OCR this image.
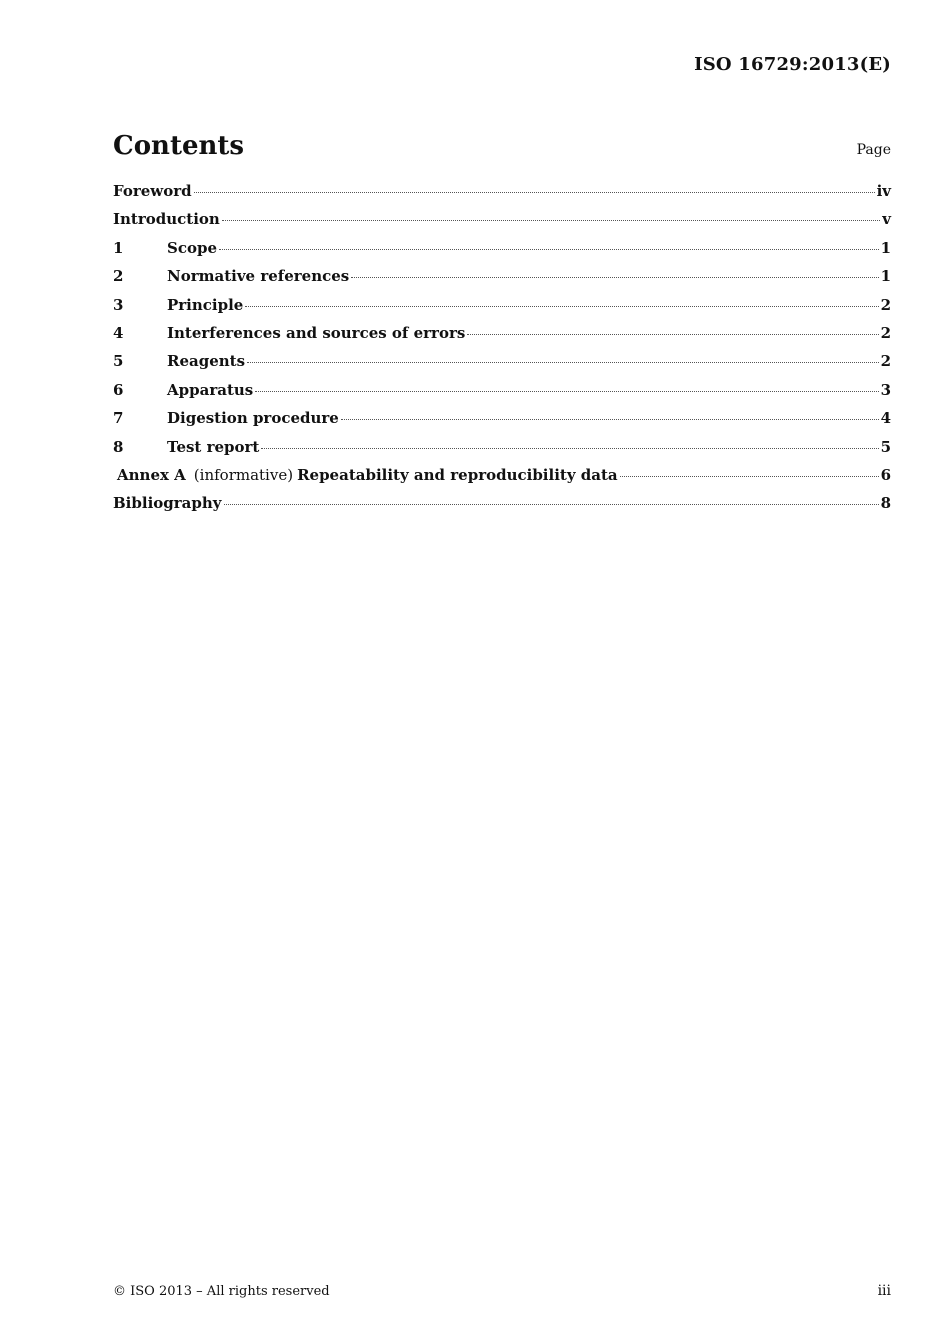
ISO 16729:2013(E)
Contents	Page
Foreword	iv
Introduction	v
1	Scope	1
2	Normative references	1
3	Principle	2
4	Interferences and sources of errors	2
5	Reagents	2
6	Apparatus	3
7	Digestion procedure	4
8	Test report	5
Annex A (informative) Repeatability and reproducibility data	6
Bibliography	8
© ISO 2013 – All rights reserved	iii
